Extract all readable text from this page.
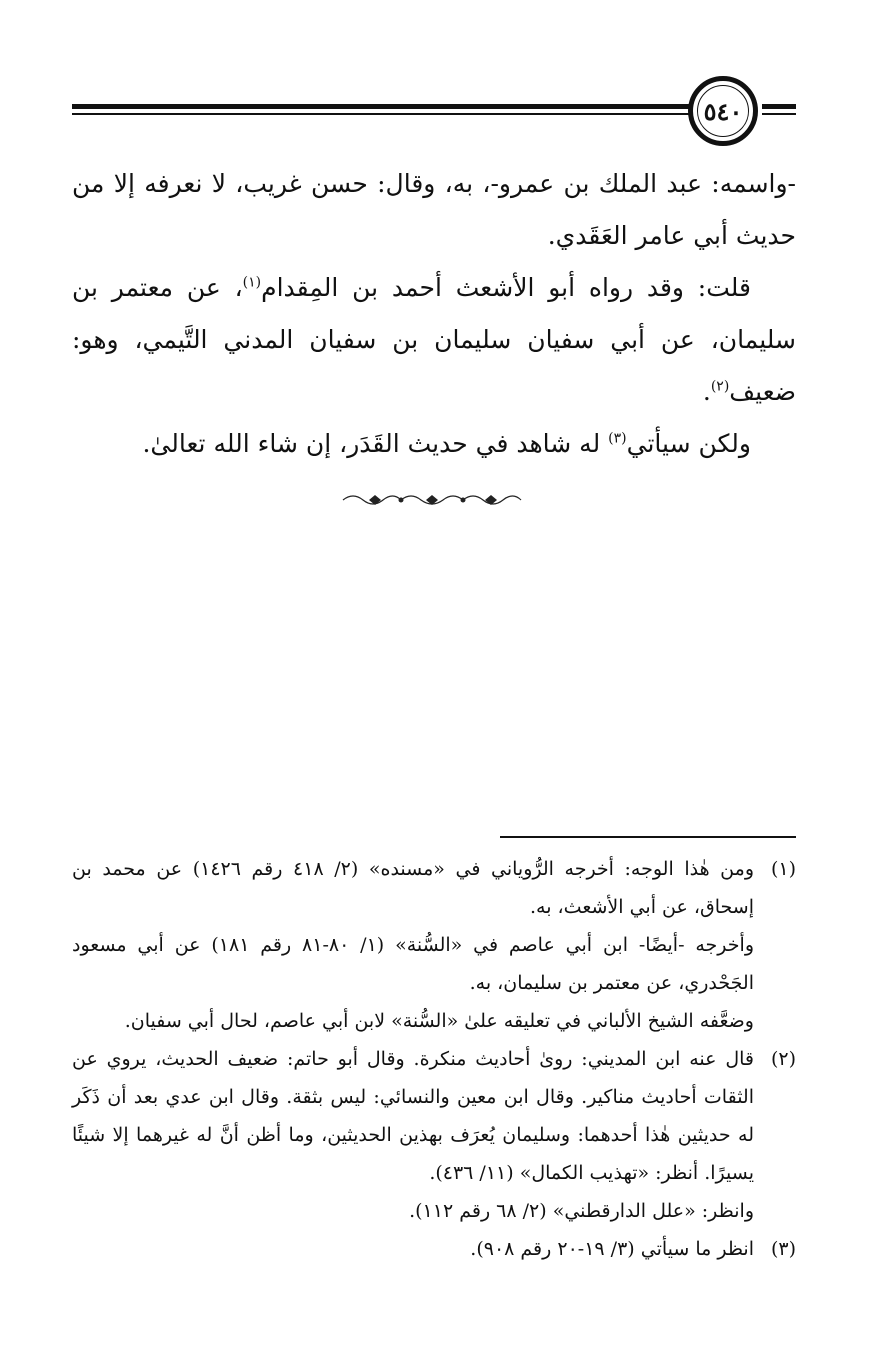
٥٤٠

-واسمه: عبد الملك بن عمرو-، به، وقال: حسن غريب، لا نعرفه إلا من حديث أبي عامر العَقَدي.

قلت: وقد رواه أبو الأشعث أحمد بن المِقدام$^{(١)}$، عن معتمر بن سليمان، عن أبي سفيان سليمان بن سفيان المدني التَّيمي، وهو: ضعيف$^{(٢)}$.

ولكن سيأتي$^{(٣)}$ له شاهد في حديث القَدَر، إن شاء الله تعالىٰ.

(١)

ومن هٰذا الوجه: أخرجه الرُّوياني في «مسنده» (٢/ ٤١٨ رقم ١٤٢٦) عن محمد بن إسحاق، عن أبي الأشعث، به.

وأخرجه -أيضًا- ابن أبي عاصم في «السُّنة» (١/ ٨٠-٨١ رقم ١٨١) عن أبي مسعود الجَحْدري، عن معتمر بن سليمان، به.

وضعَّفه الشيخ الألباني في تعليقه علىٰ «السُّنة» لابن أبي عاصم، لحال أبي سفيان.

(٢)

قال عنه ابن المديني: روىٰ أحاديث منكرة. وقال أبو حاتم: ضعيف الحديث، يروي عن الثقات أحاديث مناكير. وقال ابن معين والنسائي: ليس بثقة. وقال ابن عدي بعد أن ذَكَر له حديثين هٰذا أحدهما: وسليمان يُعرَف بهذين الحديثين، وما أظن أنَّ له غيرهما إلا شيئًا يسيرًا. أنظر: «تهذيب الكمال» (١١/ ٤٣٦).

وانظر: «علل الدارقطني» (٢/ ٦٨ رقم ١١٢).

(٣)

انظر ما سيأتي (٣/ ١٩-٢٠ رقم ٩٠٨).
